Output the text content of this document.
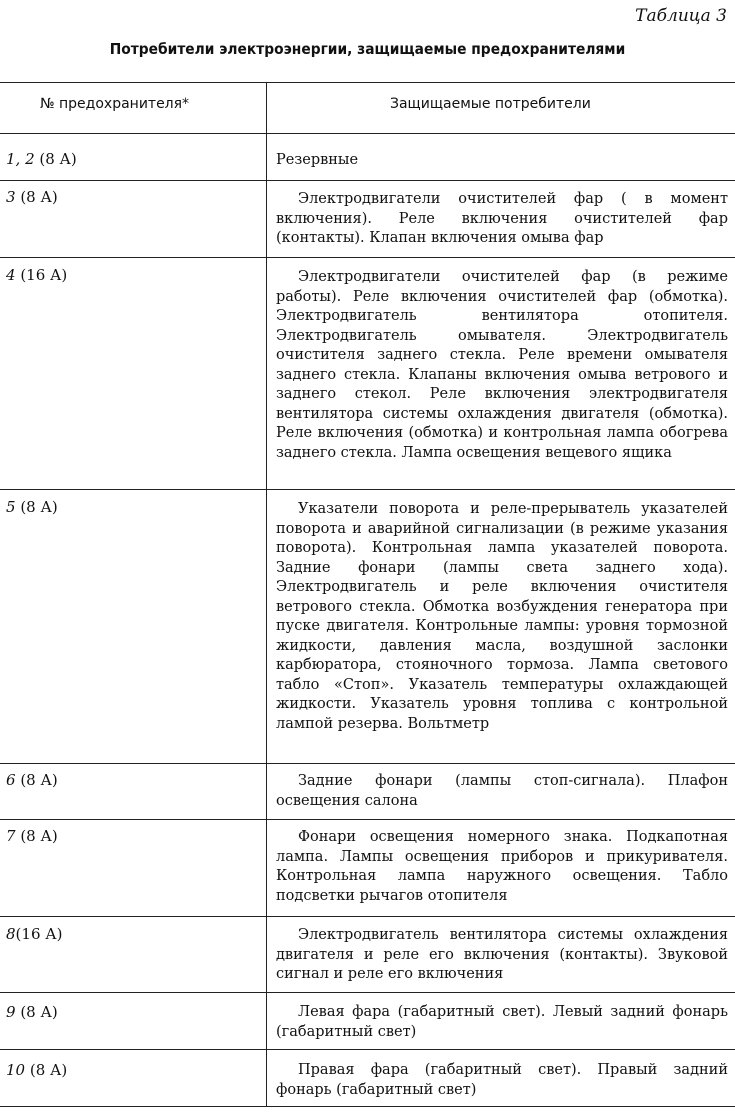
Таблица 3
Потребители электроэнергии, защищаемые предохранителями
№ предохранителя*	Защищаемые потребители
1, 2 (8 А)	Резервные
3 (8 А)	Электродвигатели очистителей фар ( в момент включения). Реле включения очистителей фар (контакты). Клапан включения омыва фар
4 (16 А)	Электродвигатели очистителей фар (в режиме работы). Реле включения очистителей фар (обмотка). Электродвигатель вентилятора отопителя. Электродвигатель омывателя. Электродвигатель очистителя заднего стекла. Реле времени омывателя заднего стекла. Клапаны включения омыва ветрового и заднего стекол. Реле включения электродвигателя вентилятора системы охлаждения двигателя (обмотка). Реле включения (обмотка) и контрольная лампа обогрева заднего стекла. Лампа освещения вещевого ящика
5 (8 А)	Указатели поворота и реле-прерыватель указателей поворота и аварийной сигнализации (в режиме указания поворота). Контрольная лампа указателей поворота. Задние фонари (лампы света заднего хода). Электродвигатель и реле включения очистителя ветрового стекла. Обмотка возбуждения генератора при пуске двигателя. Контрольные лампы: уровня тормозной жидкости, давления масла, воздушной заслонки карбюратора, стояночного тормоза. Лампа светового табло «Стоп». Указатель температуры охлаждающей жидкости. Указатель уровня топлива с контрольной лампой резерва. Вольтметр
6 (8 А)	Задние фонари (лампы стоп-сигнала). Плафон освещения салона
7 (8 А)	Фонари освещения номерного знака. Подкапотная лампа. Лампы освещения приборов и прикуривателя. Контрольная лампа наружного освещения. Табло подсветки рычагов отопителя
8(16 А)	Электродвигатель вентилятора системы охлаждения двигателя и реле его включения (контакты). Звуковой сигнал и реле его включения
9 (8 А)	Левая фара (габаритный свет). Левый задний фонарь (габаритный свет)
10 (8 А)	Правая фара (габаритный свет). Правый задний фонарь (габаритный свет)
